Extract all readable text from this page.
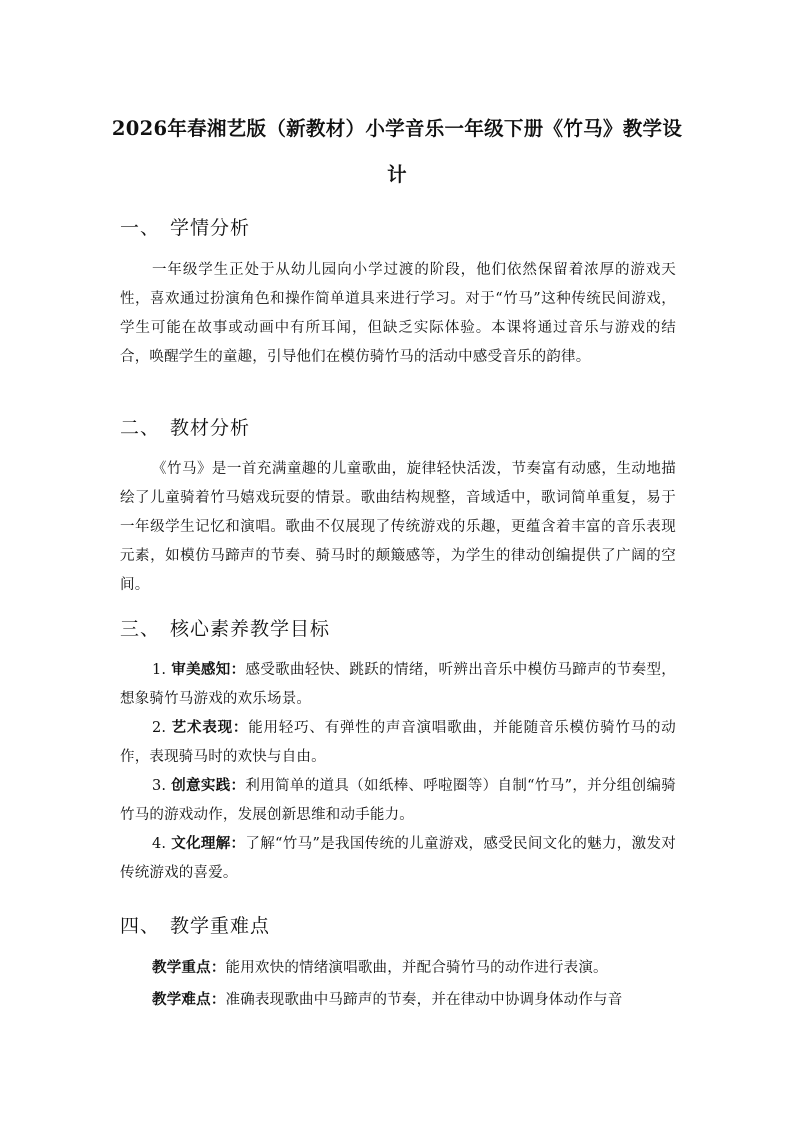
2026年春湘艺版（新教材）小学音乐一年级下册《竹马》教学设计
一、 学情分析

一年级学生正处于从幼儿园向小学过渡的阶段，他们依然保留着浓厚的游戏天性，喜欢通过扮演角色和操作简单道具来进行学习。对于“竹马”这种传统民间游戏，学生可能在故事或动画中有所耳闻，但缺乏实际体验。本课将通过音乐与游戏的结合，唤醒学生的童趣，引导他们在模仿骑竹马的活动中感受音乐的韵律。

二、 教材分析

《竹马》是一首充满童趣的儿童歌曲，旋律轻快活泼，节奏富有动感，生动地描绘了儿童骑着竹马嬉戏玩耍的情景。歌曲结构规整，音域适中，歌词简单重复，易于一年级学生记忆和演唱。歌曲不仅展现了传统游戏的乐趣，更蕴含着丰富的音乐表现元素，如模仿马蹄声的节奏、骑马时的颠簸感等，为学生的律动创编提供了广阔的空间。

三、 核心素养教学目标

1. 审美感知：感受歌曲轻快、跳跃的情绪，听辨出音乐中模仿马蹄声的节奏型，想象骑竹马游戏的欢乐场景。

2. 艺术表现：能用轻巧、有弹性的声音演唱歌曲，并能随音乐模仿骑竹马的动作，表现骑马时的欢快与自由。

3. 创意实践：利用简单的道具（如纸棒、呼啦圈等）自制“竹马”，并分组创编骑竹马的游戏动作，发展创新思维和动手能力。

4. 文化理解：了解“竹马”是我国传统的儿童游戏，感受民间文化的魅力，激发对传统游戏的喜爱。

四、 教学重难点

教学重点：能用欢快的情绪演唱歌曲，并配合骑竹马的动作进行表演。

教学难点：准确表现歌曲中马蹄声的节奏，并在律动中协调身体动作与音
